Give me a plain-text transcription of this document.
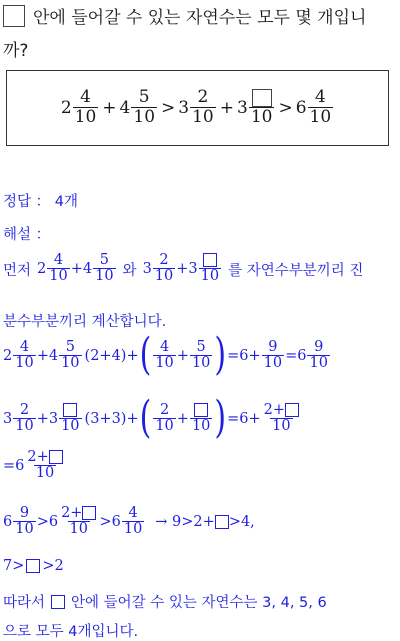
안에 들어갈 수 있는 자연수는 모두 몇 개입니
까?
$2 \frac{4}{10} + 4 \frac{5}{10} > 3 \frac{2}{10} + 3$ $10 > 6 \frac{4}{10}$
정답 ： 4개
해설 ：
먼저 $2 \frac{4}{10} + 4 \frac{5}{10}$ 와 $3 \frac{2}{10} + 3$ 10 를 자연수부분끼리 진
분수부분끼리 계산합니다.
$2 \frac{4}{10} + 4 \frac{5}{10} (2+4)+$ ( $\frac{4}{10} + \frac{5}{10}$ ) $=6+ \frac{9}{10} =6 \frac{9}{10}$
$3 \frac{2}{10} + 3$ 10 (3+3)+ ( $\frac{2}{10} + 10$ ) $=6+ \frac{2+}{10}$
$=6 \frac{2+}{10}$
$6 \frac{9}{10} > 6 \frac{2+}{10} > 6 \frac{4}{10} \to 9>2+ >4$,
7> >2
따라서 안에 들어갈 수 있는 자연수는 3, 4, 5, 6
으로 모두 4개입니다.
